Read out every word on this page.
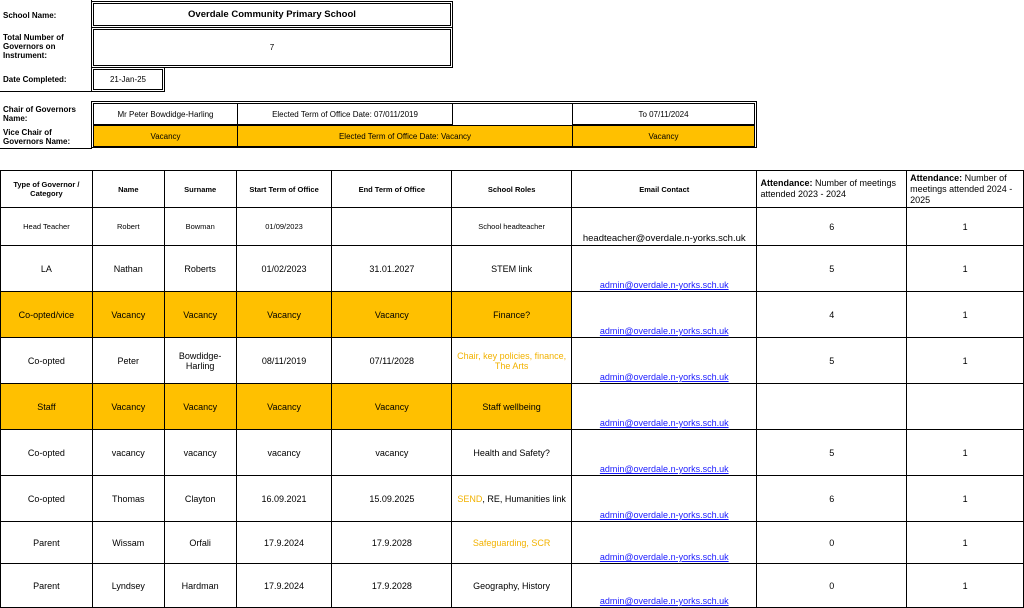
School Name:	Overdale Community Primary School
Total Number of Governors on Instrument:
7
Date Completed:	21-Jan-25
Chair of Governors Name:	Mr Peter Bowdidge-Harling	Elected Term of Office Date: 07/011/2019	To 07/11/2024
Vice Chair of Governors Name:
Vacancy	Elected Term of Office Date: Vacancy	Vacancy
Type of Governor / Category	Name	Surname	Start Term of Office	End Term of Office	School Roles	Email Contact	Attendance: Number of meetings attended 2023 - 2024	Attendance: Number of meetings attended 2024 - 2025
Head Teacher	Robert	Bowman	01/09/2023		School headteacher	headteacher@overdale.n-yorks.sch.uk	6	1
LA	Nathan	Roberts	01/02/2023	31.01.2027	STEM link	admin@overdale.n-yorks.sch.uk	5	1
Co-opted/vice	Vacancy	Vacancy	Vacancy	Vacancy	Finance?	admin@overdale.n-yorks.sch.uk	4	1
Co-opted	Peter	Bowdidge-Harling	08/11/2019	07/11/2028	Chair, key policies, finance, The Arts	admin@overdale.n-yorks.sch.uk	5	1
Staff	Vacancy	Vacancy	Vacancy	Vacancy	Staff wellbeing	admin@overdale.n-yorks.sch.uk		

Co-opted	vacancy	vacancy	vacancy	vacancy	Health and Safety?	admin@overdale.n-yorks.sch.uk	5	1
Co-opted	Thomas	Clayton	16.09.2021	15.09.2025	SEND, RE, Humanities link	admin@overdale.n-yorks.sch.uk	6	1
Parent	Wissam	Orfali	17.9.2024	17.9.2028	Safeguarding, SCR	admin@overdale.n-yorks.sch.uk	0	1
Parent	Lyndsey	Hardman	17.9.2024	17.9.2028	Geography, History	admin@overdale.n-yorks.sch.uk	0	1
